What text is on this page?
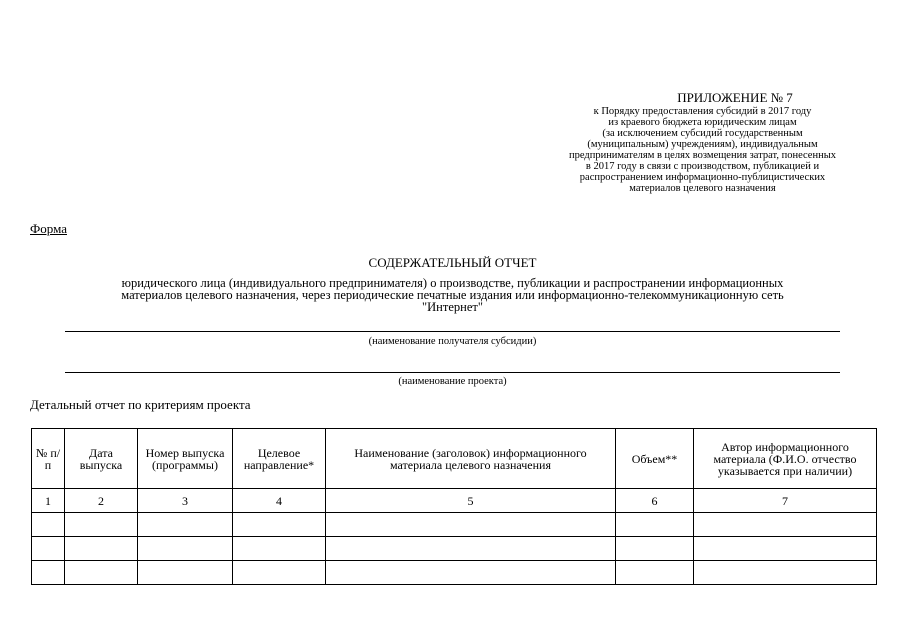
ПРИЛОЖЕНИЕ № 7
к Порядку предоставления субсидий в 2017 году
из краевого бюджета юридическим лицам
(за исключением субсидий государственным
(муниципальным) учреждениям), индивидуальным
предпринимателям в целях возмещения затрат, понесенных
в 2017 году в связи с производством, публикацией и
распространением информационно-публицистических
материалов целевого назначения
Форма
СОДЕРЖАТЕЛЬНЫЙ ОТЧЕТ
юридического лица (индивидуального предпринимателя) о производстве, публикации и распространении информационных
материалов целевого назначения, через периодические печатные издания или информационно-телекоммуникационную сеть
"Интернет"
(наименование получателя субсидии)
(наименование проекта)
Детальный отчет по критериям проекта
№ п/п	Дата выпуска	Номер выпуска (программы)	Целевое направление*	Наименование (заголовок) информационного материала целевого назначения	Объем**	Автор информационного материала (Ф.И.О. отчество указывается при наличии)
1	2	3	4	5	6	7
